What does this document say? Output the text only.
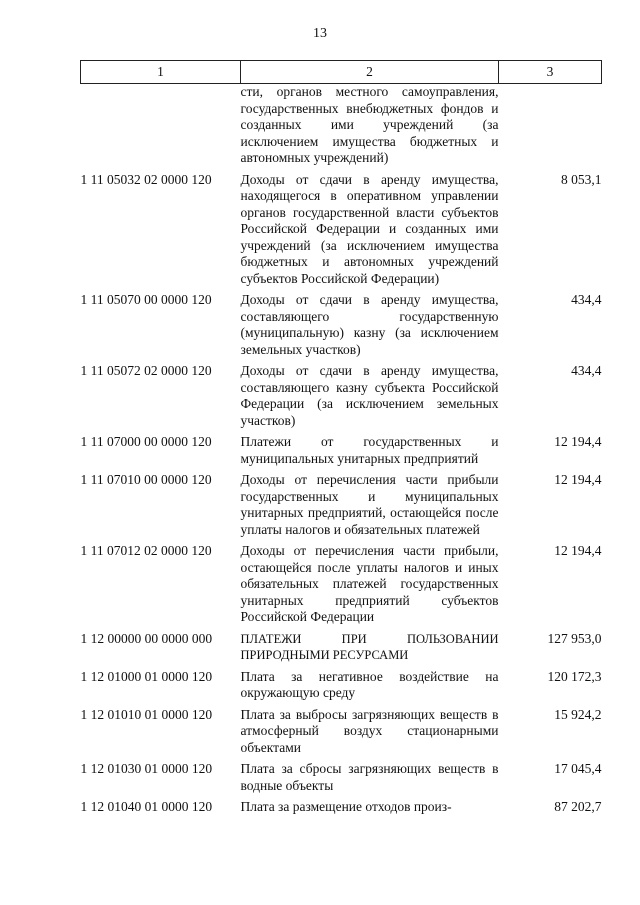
13
1	2	3
	сти, органов местного самоуправления, государственных внебюджетных фондов и созданных ими учреждений (за исключением имущества бюджетных и автономных учреждений)	
1 11 05032 02 0000 120	Доходы от сдачи в аренду имущества, находящегося в оперативном управлении органов государственной власти субъектов Российской Федерации и созданных ими учреждений (за исключением имущества бюджетных и автономных учреждений субъектов Российской Федерации)	8 053,1
1 11 05070 00 0000 120	Доходы от сдачи в аренду имущества, составляющего государственную (муниципальную) казну (за исключением земельных участков)	434,4
1 11 05072 02 0000 120	Доходы от сдачи в аренду имущества, составляющего казну субъекта Российской Федерации (за исключением земельных участков)	434,4
1 11 07000 00 0000 120	Платежи от государственных и муниципальных унитарных предприятий	12 194,4
1 11 07010 00 0000 120	Доходы от перечисления части прибыли государственных и муниципальных унитарных предприятий, остающейся после уплаты налогов и обязательных платежей	12 194,4
1 11 07012 02 0000 120	Доходы от перечисления части прибыли, остающейся после уплаты налогов и иных обязательных платежей государственных унитарных предприятий субъектов Российской Федерации	12 194,4
1 12 00000 00 0000 000	ПЛАТЕЖИ ПРИ ПОЛЬЗОВАНИИ ПРИРОДНЫМИ РЕСУРСАМИ	127 953,0
1 12 01000 01 0000 120	Плата за негативное воздействие на окружающую среду	120 172,3
1 12 01010 01 0000 120	Плата за выбросы загрязняющих веществ в атмосферный воздух стационарными объектами	15 924,2
1 12 01030 01 0000 120	Плата за сбросы загрязняющих веществ в водные объекты	17 045,4
1 12 01040 01 0000 120	Плата за размещение отходов произ-	87 202,7
